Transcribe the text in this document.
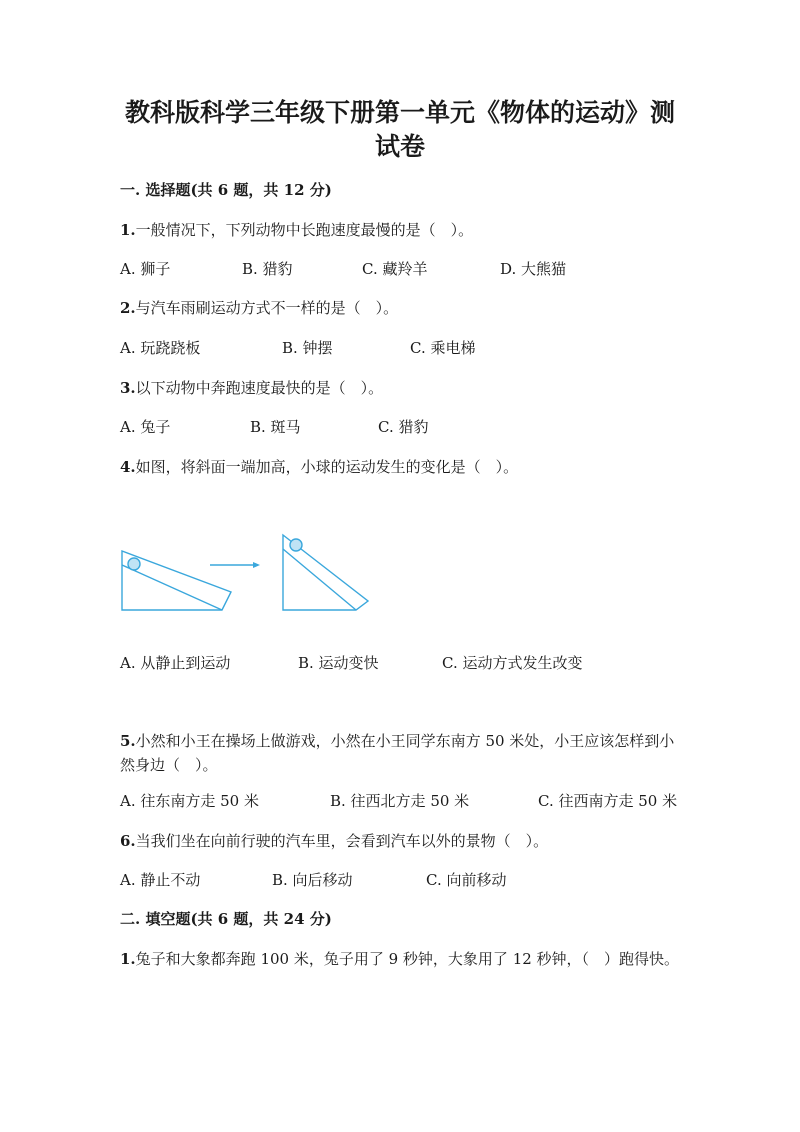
教科版科学三年级下册第一单元《物体的运动》测
试卷
一. 选择题(共 6 题，共 12 分)
1.一般情况下，下列动物中长跑速度最慢的是（　）。
A. 狮子	B. 猎豹	C. 藏羚羊	D. 大熊猫
2.与汽车雨刷运动方式不一样的是（　）。
A. 玩跷跷板	B. 钟摆	C. 乘电梯
3.以下动物中奔跑速度最快的是（　）。
A. 兔子	B. 斑马	C. 猎豹
4.如图，将斜面一端加高，小球的运动发生的变化是（　）。
A. 从静止到运动	B. 运动变快	C. 运动方式发生改变
5.小然和小王在操场上做游戏，小然在小王同学东南方 50 米处，小王应该怎样到小然身边（　）。
A. 往东南方走 50 米	B. 往西北方走 50 米	C. 往西南方走 50 米
6.当我们坐在向前行驶的汽车里，会看到汽车以外的景物（　）。
A. 静止不动	B. 向后移动	C. 向前移动
二. 填空题(共 6 题，共 24 分)
1.兔子和大象都奔跑 100 米，兔子用了 9 秒钟，大象用了 12 秒钟，（　）跑得快。
